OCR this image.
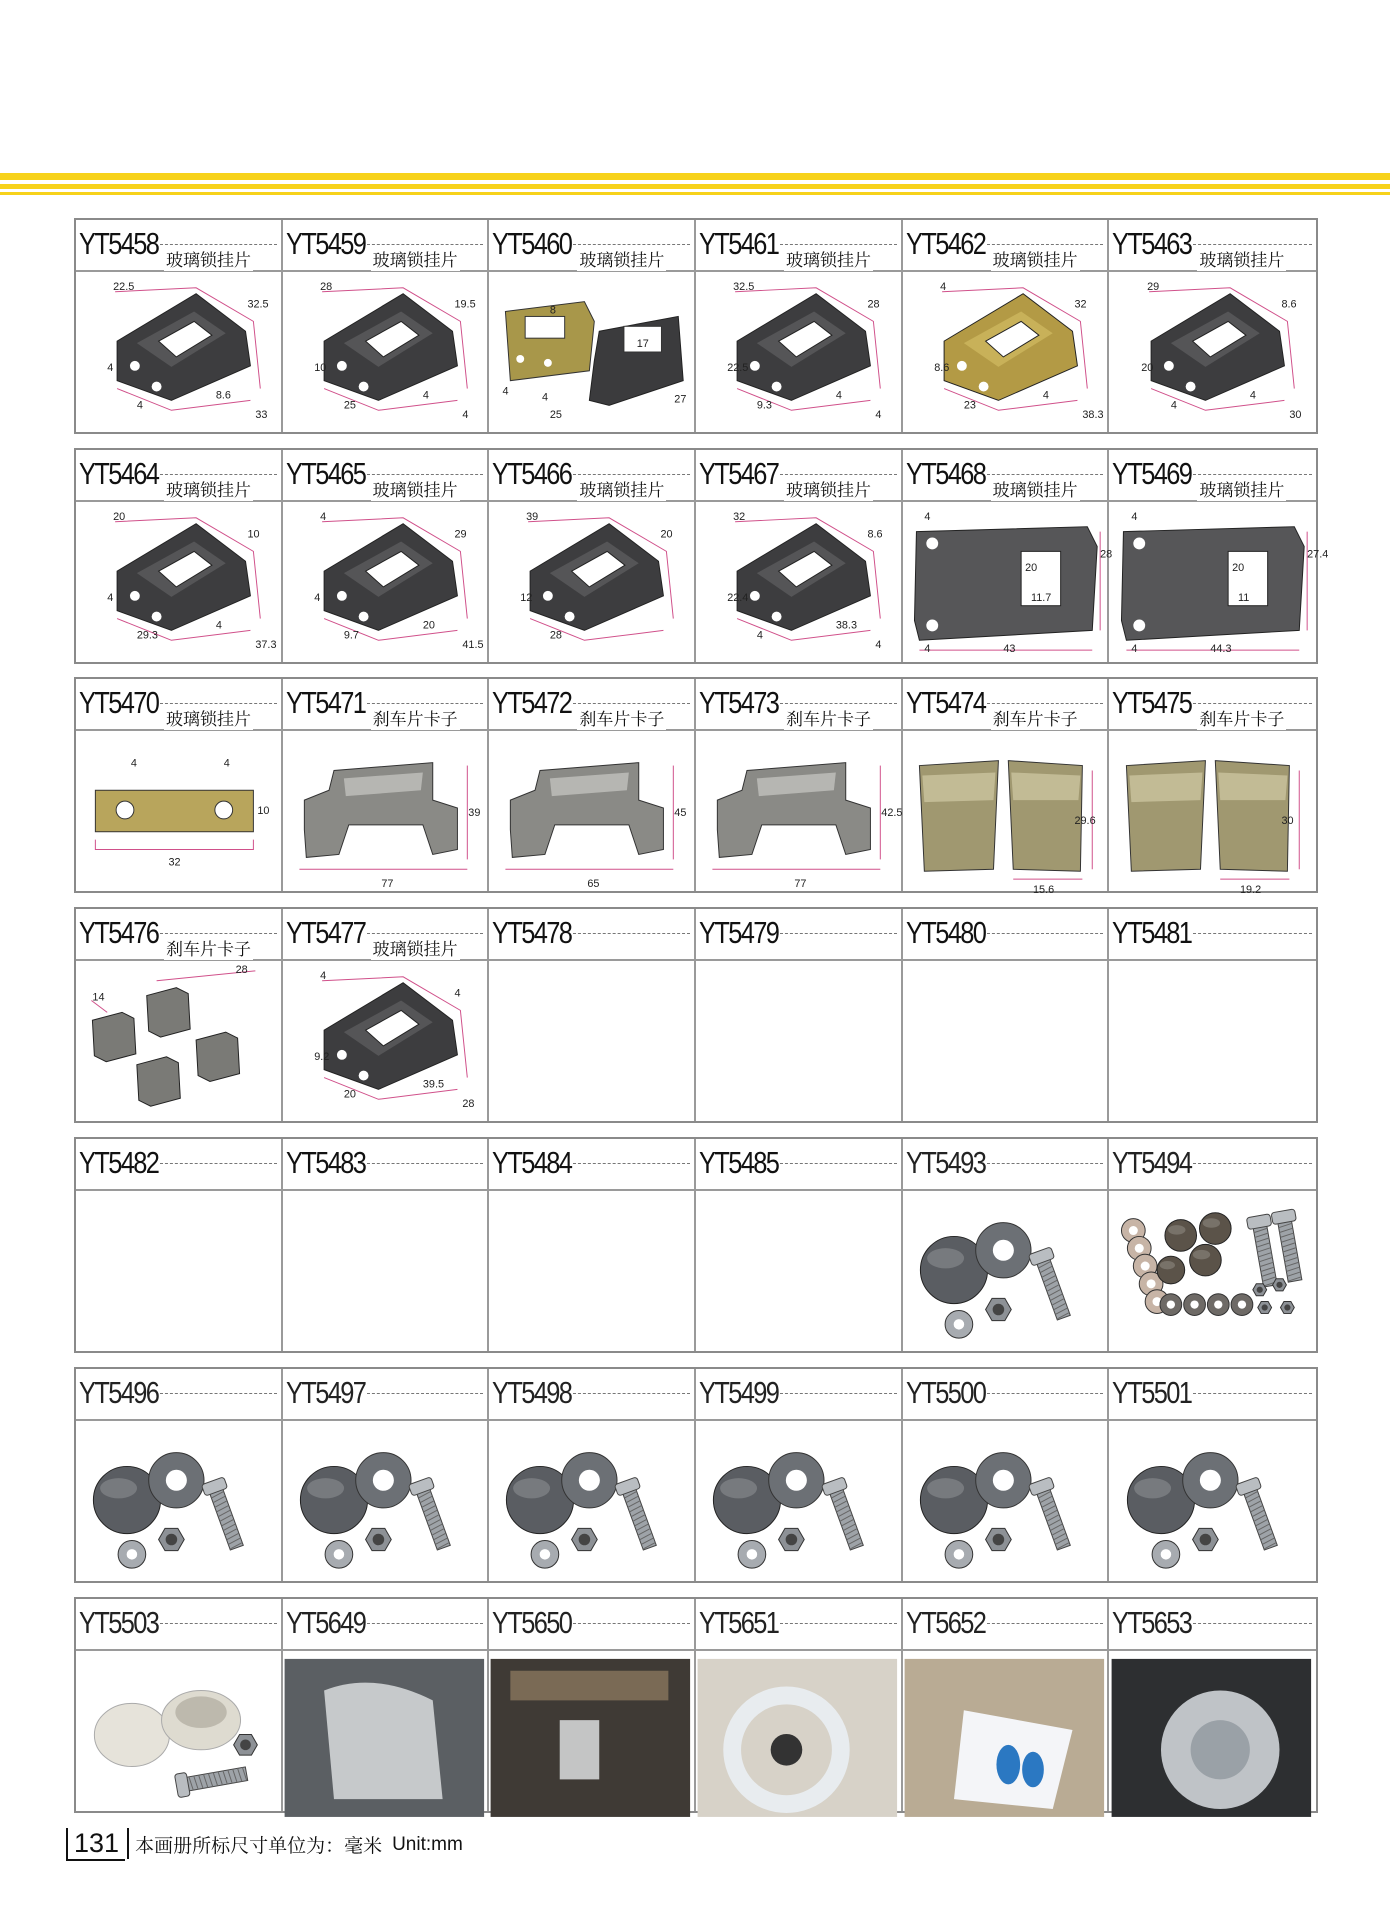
YT5458 玻璃锁挂片
22.5
32.5
4
4
8.6
33
YT5459 玻璃锁挂片
28
19.5
10
25
4
4
YT5460 玻璃锁挂片
8
17
4	4
25
27
YT5461 玻璃锁挂片
32.5
28
22.5
9.3
4
4
YT5462 玻璃锁挂片
4
32
8.6
23
4
38.3
YT5463 玻璃锁挂片
29
8.6
20
4
4
30
YT5464 玻璃锁挂片
20
10
4
29.3
4
37.3
YT5465 玻璃锁挂片
4
29
4
9.7
20
41.5
YT5466 玻璃锁挂片
39
20
12
28
YT5467 玻璃锁挂片
32
8.6
22.4
4
38.3
4
YT5468 玻璃锁挂片
4
28
20
11.7
4	43
YT5469 玻璃锁挂片
4
27.4
20
11
4	44.3
YT5470 玻璃锁挂片
4	4
10
32
YT5471 刹车片卡子
39
77
YT5472 刹车片卡子
45
65
YT5473 刹车片卡子
42.5
77
YT5474 刹车片卡子
29.6
15.6
YT5475 刹车片卡子
30
19.2
YT5476 刹车片卡子
14
28
YT5477 玻璃锁挂片
4
4
9.2
20
39.5
28
YT5478	YT5479	YT5480	YT5481
YT5482	YT5483	YT5484	YT5485	YT5493	YT5494
YT5496	YT5497	YT5498	YT5499	YT5500	YT5501
YT5503	YT5649	YT5650	YT5651	YT5652	YT5653
131 本画册所标尺寸单位为：毫米 Unit:mm
